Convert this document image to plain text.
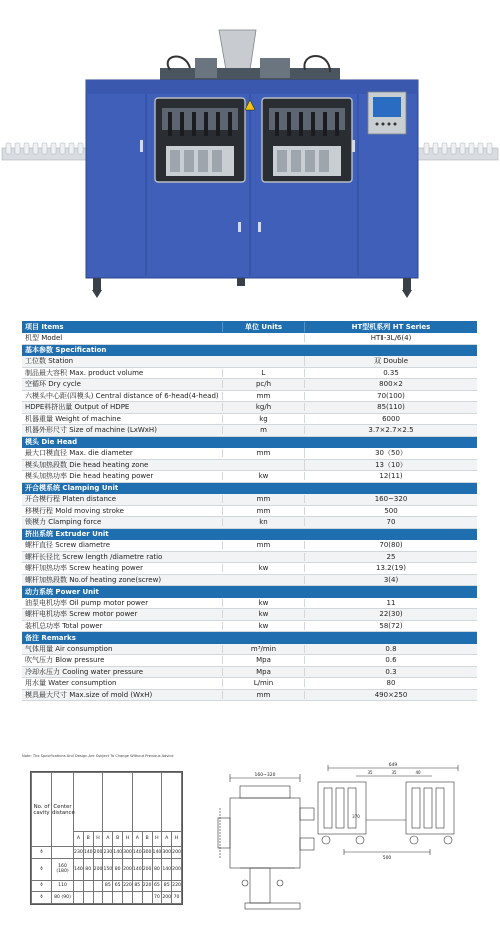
项目 Items	单位 Units	HT型机系列 HT Series
机型 Model	HTⅡ-3L/6(4)
基本参数 Specification
工位数 Station	双 Double
制品最大容积 Max. product volume	L	0.35
空循环 Dry cycle	pc/h	800×2
六模头中心距(四模头) Central distance of 6-head(4-head)	mm	70(100)
HDPE料挤出量 Output of HDPE	kg/h	85(110)
机器重量 Weight of machine	kg	6000
机器外形尺寸 Size of machine (LxWxH)	m	3.7×2.7×2.5
模头 Die Head
最大口模直径 Max. die diameter	mm	30（50）
模头加热段数 Die head heating zone	13（10）
模头加热功率 Die head heating power	kw	12(11)
开合模系统 Clamping Unit
开合模行程 Platen distance	mm	160~320
移模行程 Mold moving stroke	mm	500
锁模力 Clamping force	kn	70
挤出系统 Extruder Unit
螺杆直径 Screw diametre	mm	70(80)
螺杆长径比 Screw length /diametre ratio	25
螺杆加热功率 Screw heating power	kw	13.2(19)
螺杆加热段数 No.of heating zone(screw)	3(4)
动力系统 Power Unit
油泵电机功率 Oil pump motor power	kw	11
螺杆电机功率 Screw motor power	kw	22(30)
装机总功率 Total power	kw	58(72)
备注 Remarks
气体用量 Air consumption	m³/min	0.8
吹气压力 Blow pressure	Mpa	0.6
冷却水压力 Cooling water pressure	Mpa	0.3
用水量 Water consumption	L/min	80
模具最大尺寸 Max.size of mold (WxH)	mm	490×250
Note: The Specifications And Design Are Subject To Change Without Previous Advice
No. of cavity	Center distance											
		A	B	H	A	B	H	A	B	H	A	H
⚱		230	140	200	230	140	300	140	300	140	300	200
⚱	160 (180)	140	80	200	150	80	200	140	200	80	140	200
⚱	110				85	65	220	85	220	65	85	220
⚱	80 (90)									70	200	70
160~320
649
35	35	40
370
500
